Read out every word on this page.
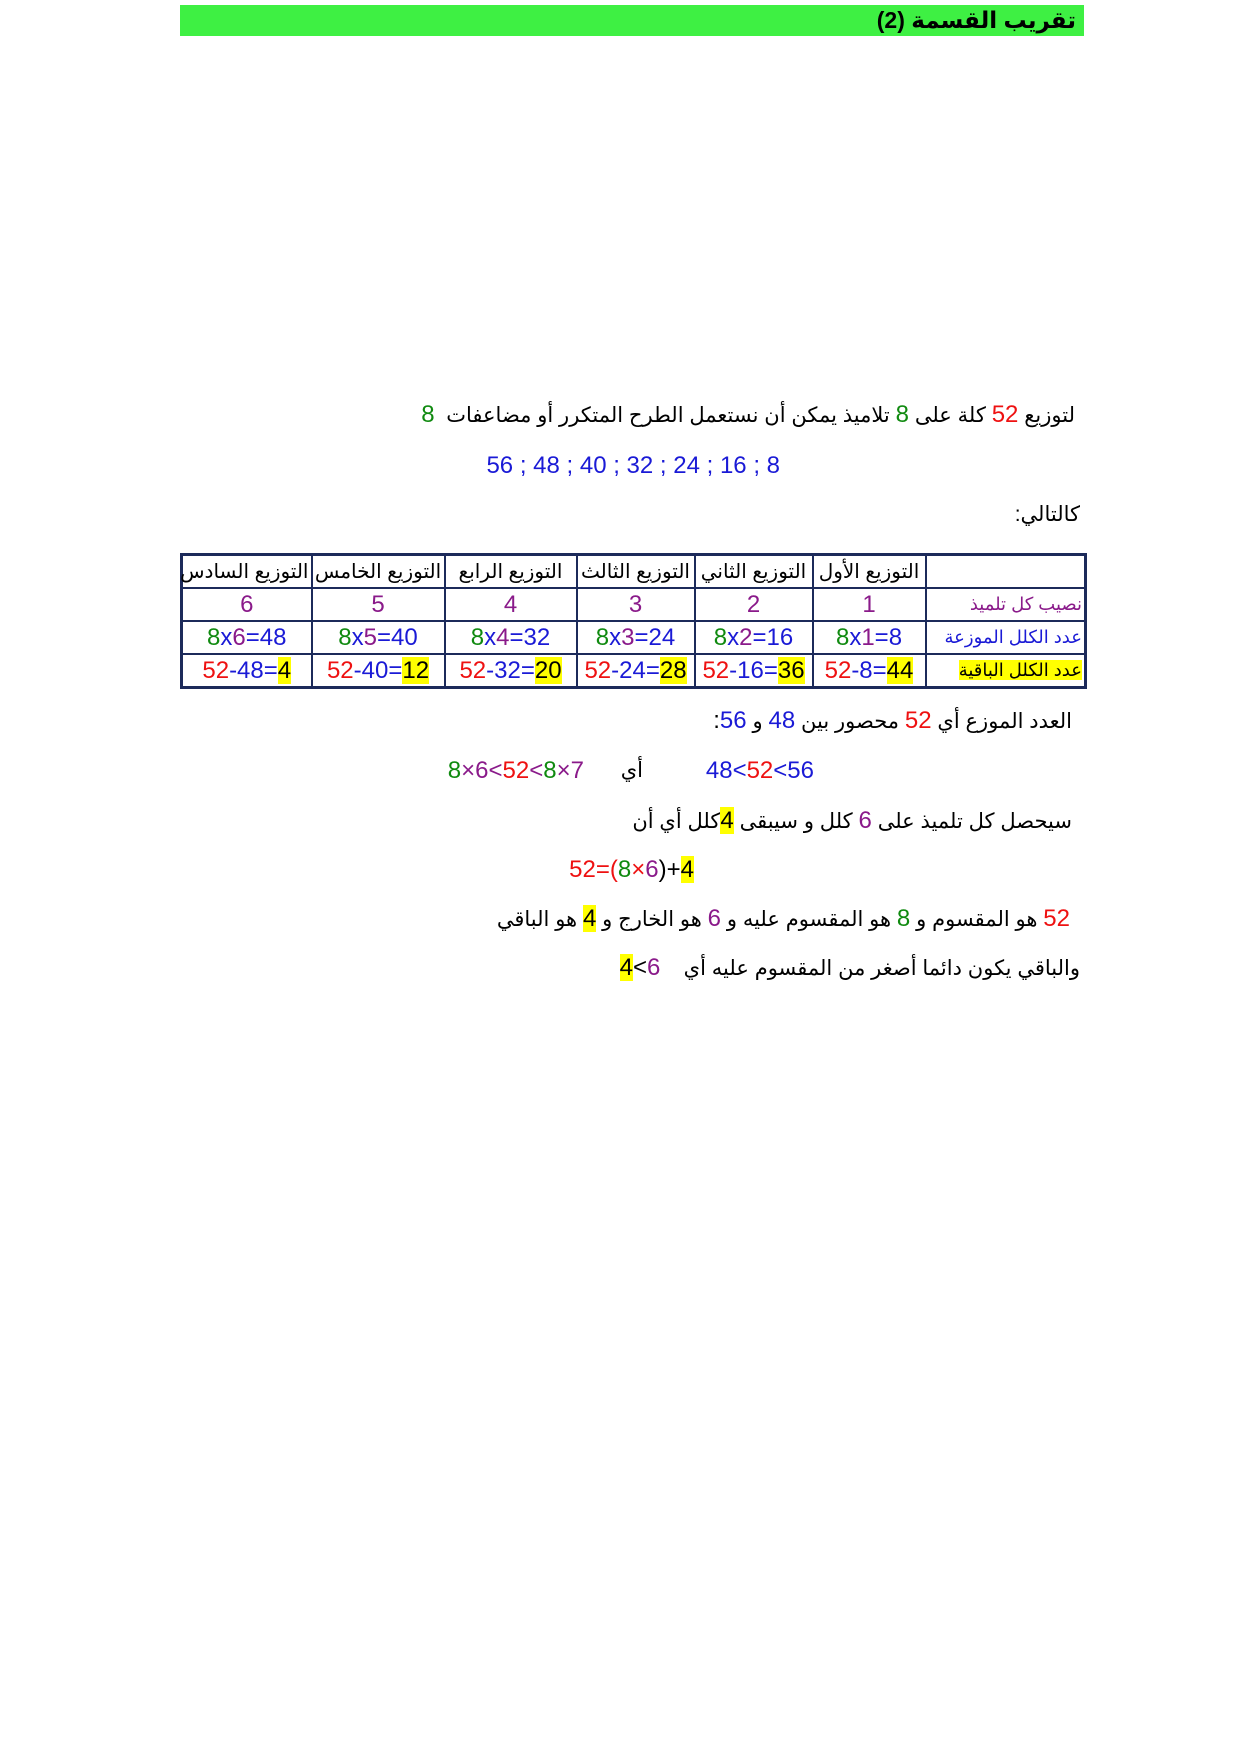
تقريب القسمة (2)
لتوزيع 52 كلة على 8 تلاميذ يمكن أن نستعمل الطرح المتكرر أو مضاعفات  8
56 ; 48 ; 40 ; 32 ; 24 ; 16 ; 8
كالتالي:
	التوزيع الأول	التوزيع الثاني	التوزيع الثالث	التوزيع الرابع	التوزيع الخامس	التوزيع السادس
نصيب كل تلميذ	1	2	3	4	5	6
عدد الكلل الموزعة	8x1=8	8x2=16	8x3=24	8x4=32	8x5=40	8x6=48
عدد الكلل الباقية	52-8=44	52-16=36	52-24=28	52-32=20	52-40=12	52-48=4
العدد الموزع أي 52 محصور بين 48 و 56:
48<52<56
أي
8×6<52<8×7
سيحصل كل تلميذ على 6 كلل و سيبقى 4كلل أي أن
52=(8×6)+4
52 هو المقسوم و 8 هو المقسوم عليه و 6 هو الخارج و 4 هو الباقي
والباقي يكون دائما أصغر من المقسوم عليه أي    4<6
